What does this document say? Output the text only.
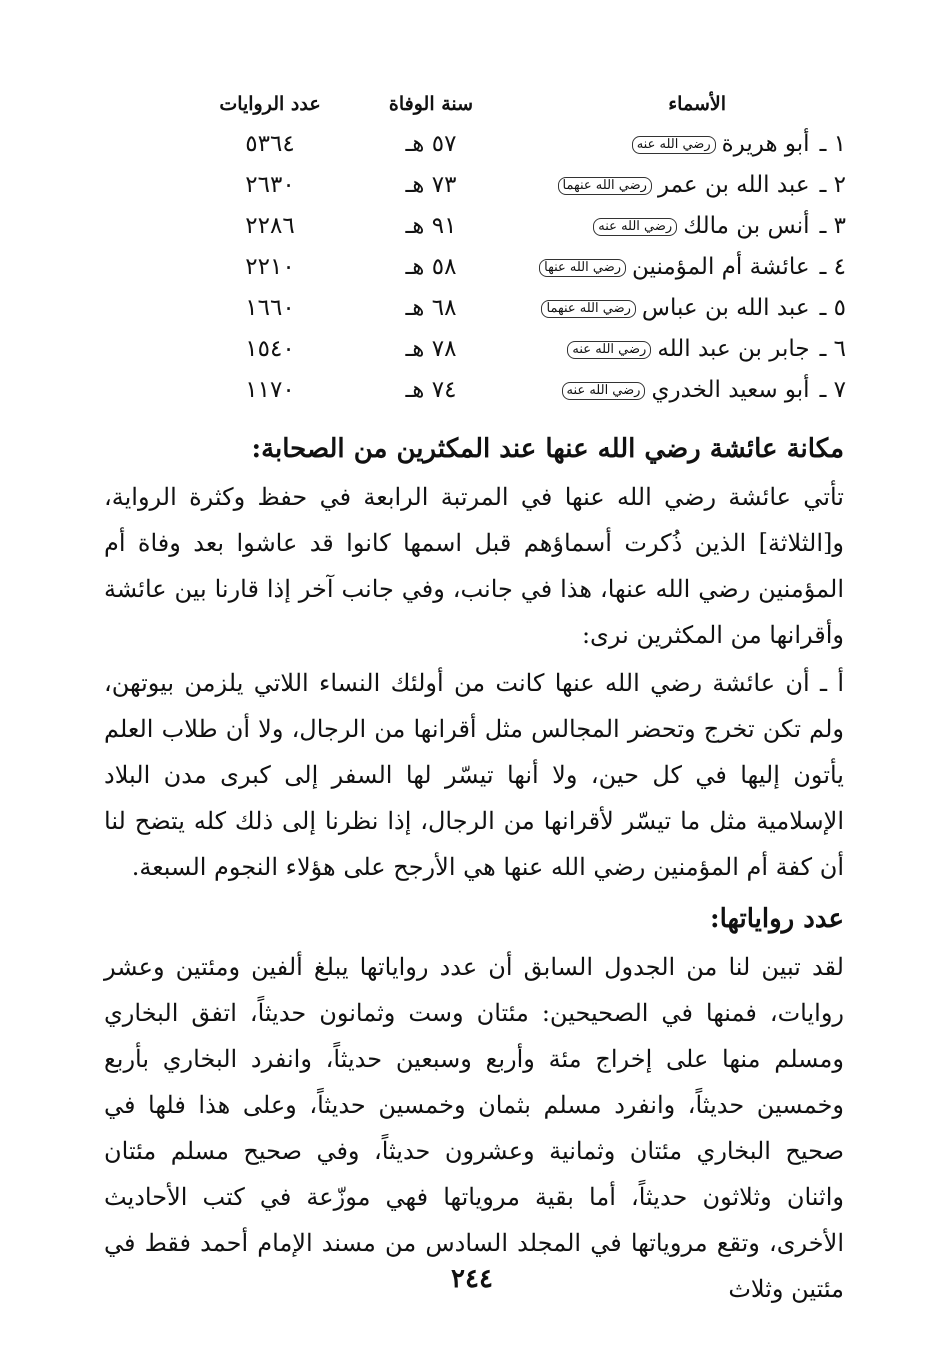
الأسماء
سنة الوفاة
عدد الروايات
١ ـأبو هريرةرضي الله عنه
٥٧ هـ
٥٣٦٤
٢ ـعبد الله بن عمررضي الله عنهما
٧٣ هـ
٢٦٣٠
٣ ـأنس بن مالكرضي الله عنه
٩١ هـ
٢٢٨٦
٤ ـعائشة أم المؤمنينرضي الله عنها
٥٨ هـ
٢٢١٠
٥ ـعبد الله بن عباسرضي الله عنهما
٦٨ هـ
١٦٦٠
٦ ـجابر بن عبد اللهرضي الله عنه
٧٨ هـ
١٥٤٠
٧ ـأبو سعيد الخدريرضي الله عنه
٧٤ هـ
١١٧٠
مكانة عائشة رضي الله عنها عند المكثرين من الصحابة:
تأتي عائشة رضي الله عنها في المرتبة الرابعة في حفظ وكثرة الرواية، و[الثلاثة] الذين ذُكرت أسماؤهم قبل اسمها كانوا قد عاشوا بعد وفاة أم المؤمنين رضي الله عنها، هذا في جانب، وفي جانب آخر إذا قارنا بين عائشة وأقرانها من المكثرين نرى:
أ ـ أن عائشة رضي الله عنها كانت من أولئك النساء اللاتي يلزمن بيوتهن، ولم تكن تخرج وتحضر المجالس مثل أقرانها من الرجال، ولا أن طلاب العلم يأتون إليها في كل حين، ولا أنها تيسّر لها السفر إلى كبرى مدن البلاد الإسلامية مثل ما تيسّر لأقرانها من الرجال، إذا نظرنا إلى ذلك كله يتضح لنا أن كفة أم المؤمنين رضي الله عنها هي الأرجح على هؤلاء النجوم السبعة.
عدد رواياتها:
لقد تبين لنا من الجدول السابق أن عدد رواياتها يبلغ ألفين ومئتين وعشر روايات، فمنها في الصحيحين: مئتان وست وثمانون حديثاً، اتفق البخاري ومسلم منها على إخراج مئة وأربع وسبعين حديثاً، وانفرد البخاري بأربع وخمسين حديثاً، وانفرد مسلم بثمان وخمسين حديثاً، وعلى هذا فلها في صحيح البخاري مئتان وثمانية وعشرون حديثاً، وفي صحيح مسلم مئتان واثنان وثلاثون حديثاً، أما بقية مروياتها فهي موزّعة في كتب الأحاديث الأخرى، وتقع مروياتها في المجلد السادس من مسند الإمام أحمد فقط في مئتين وثلاث
٢٤٤
